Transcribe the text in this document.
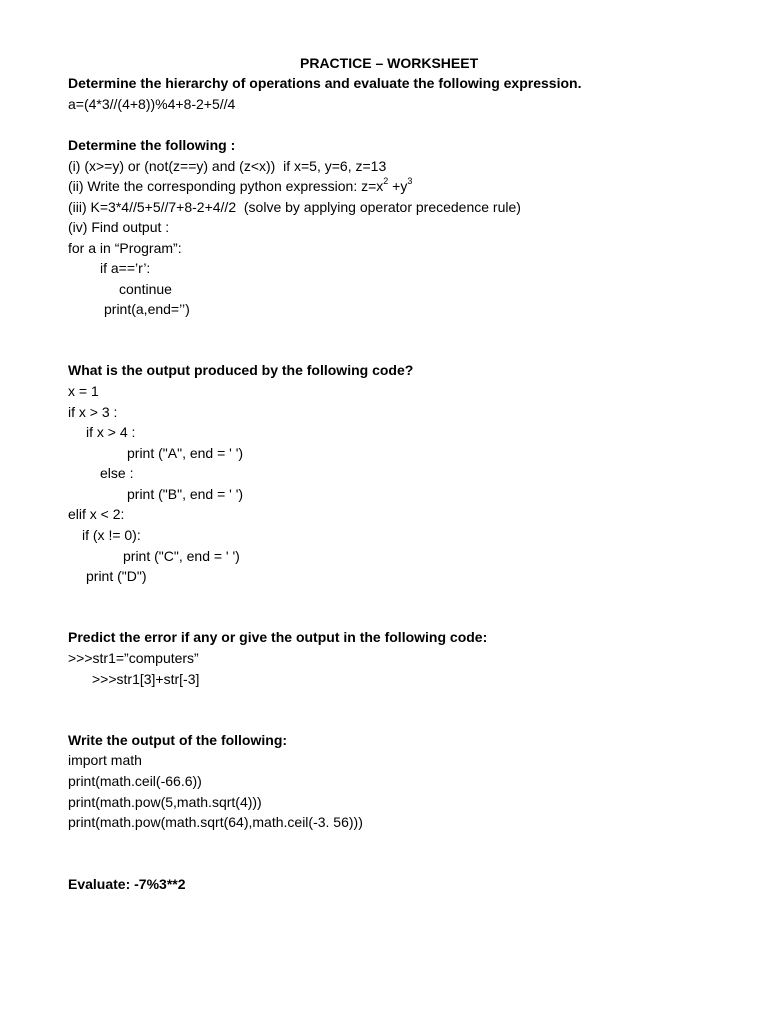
PRACTICE – WORKSHEET
Determine the hierarchy of operations and evaluate the following expression.
a=(4*3//(4+8))%4+8-2+5//4
Determine the following :
(i) (x>=y) or (not(z==y) and (z<x))  if x=5, y=6, z=13
(ii) Write the corresponding python expression: $z=x^2 +y^3$
(iii) K=3*4//5+5//7+8-2+4//2  (solve by applying operator precedence rule)
(iv) Find output :
for a in “Program”:
if a==’r’:
continue
print(a,end=’’)
What is the output produced by the following code?
x = 1
if x > 3 :
if x > 4 :
print ("A", end = ' ')
else :
print ("B", end = ' ')
elif x < 2:
if (x != 0):
print ("C", end = ' ')
print ("D")
Predict the error if any or give the output in the following code:
>>>str1=”computers”
>>>str1[3]+str[-3]
Write the output of the following:
import math
print(math.ceil(-66.6))
print(math.pow(5,math.sqrt(4)))
print(math.pow(math.sqrt(64),math.ceil(-3. 56)))
Evaluate: -7%3**2
